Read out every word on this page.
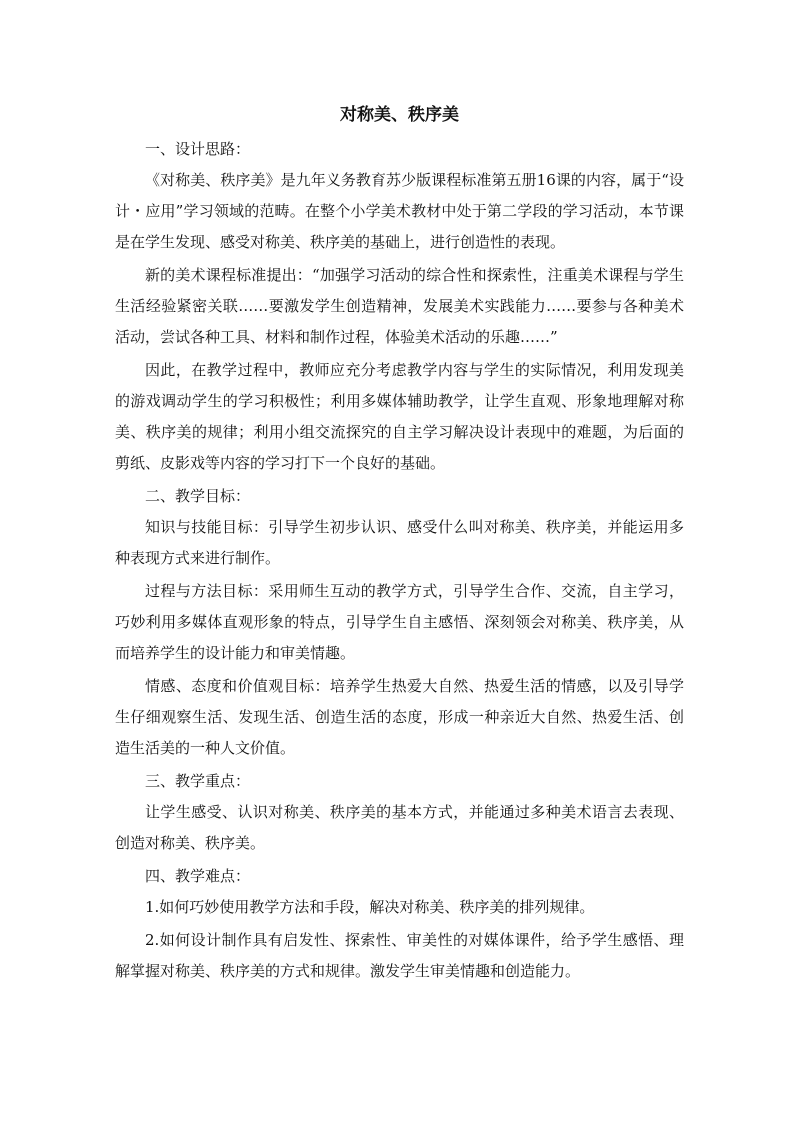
对称美、秩序美

一、设计思路：

《对称美、秩序美》是九年义务教育苏少版课程标准第五册16课的内容，属于“设计・应用”学习领域的范畴。在整个小学美术教材中处于第二学段的学习活动，本节课是在学生发现、感受对称美、秩序美的基础上，进行创造性的表现。

新的美术课程标准提出：“加强学习活动的综合性和探索性，注重美术课程与学生生活经验紧密关联……要激发学生创造精神，发展美术实践能力……要参与各种美术活动，尝试各种工具、材料和制作过程，体验美术活动的乐趣……”

因此，在教学过程中，教师应充分考虑教学内容与学生的实际情况，利用发现美的游戏调动学生的学习积极性；利用多媒体辅助教学，让学生直观、形象地理解对称美、秩序美的规律；利用小组交流探究的自主学习解决设计表现中的难题，为后面的剪纸、皮影戏等内容的学习打下一个良好的基础。

二、教学目标：

知识与技能目标：引导学生初步认识、感受什么叫对称美、秩序美，并能运用多种表现方式来进行制作。

过程与方法目标：采用师生互动的教学方式，引导学生合作、交流，自主学习，巧妙利用多媒体直观形象的特点，引导学生自主感悟、深刻领会对称美、秩序美，从而培养学生的设计能力和审美情趣。

情感、态度和价值观目标：培养学生热爱大自然、热爱生活的情感，以及引导学生仔细观察生活、发现生活、创造生活的态度，形成一种亲近大自然、热爱生活、创造生活美的一种人文价值。

三、教学重点：

让学生感受、认识对称美、秩序美的基本方式，并能通过多种美术语言去表现、创造对称美、秩序美。

四、教学难点：

1.如何巧妙使用教学方法和手段，解决对称美、秩序美的排列规律。

2.如何设计制作具有启发性、探索性、审美性的对媒体课件，给予学生感悟、理解掌握对称美、秩序美的方式和规律。激发学生审美情趣和创造能力。
